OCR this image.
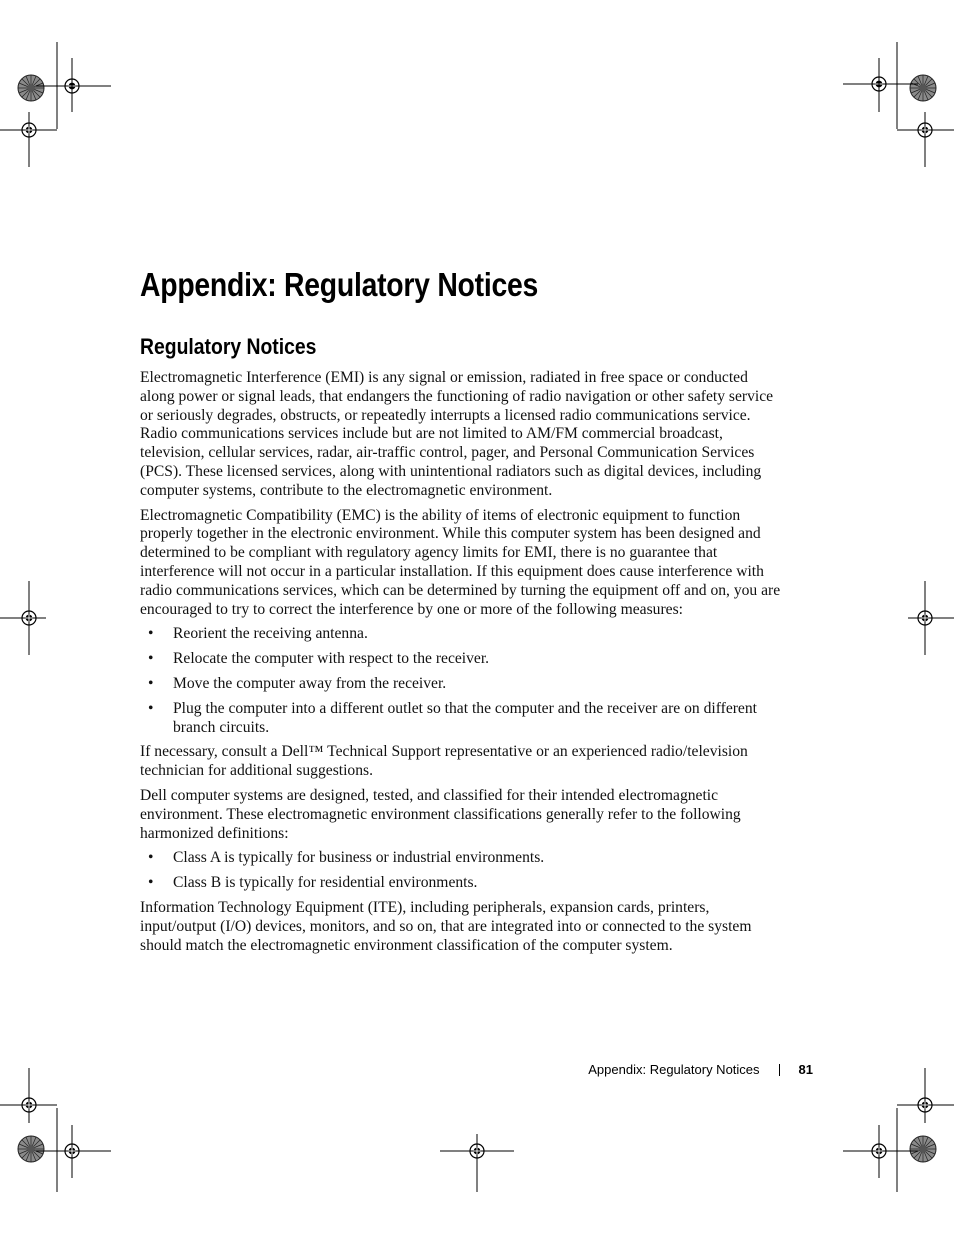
Appendix: Regulatory Notices
Regulatory Notices

Electromagnetic Interference (EMI) is any signal or emission, radiated in free space or conducted along power or signal leads, that endangers the functioning of radio navigation or other safety service or seriously degrades, obstructs, or repeatedly interrupts a licensed radio communications service. Radio communications services include but are not limited to AM/FM commercial broadcast, television, cellular services, radar, air-traffic control, pager, and Personal Communication Services (PCS). These licensed services, along with unintentional radiators such as digital devices, including computer systems, contribute to the electromagnetic environment.

Electromagnetic Compatibility (EMC) is the ability of items of electronic equipment to function properly together in the electronic environment. While this computer system has been designed and determined to be compliant with regulatory agency limits for EMI, there is no guarantee that interference will not occur in a particular installation. If this equipment does cause interference with radio communications services, which can be determined by turning the equipment off and on, you are encouraged to try to correct the interference by one or more of the following measures:

• Reorient the receiving antenna.
• Relocate the computer with respect to the receiver.
• Move the computer away from the receiver.
• Plug the computer into a different outlet so that the computer and the receiver are on different branch circuits.

If necessary, consult a Dell™ Technical Support representative or an experienced radio/television technician for additional suggestions.

Dell computer systems are designed, tested, and classified for their intended electromagnetic environment. These electromagnetic environment classifications generally refer to the following harmonized definitions:

• Class A is typically for business or industrial environments.
• Class B is typically for residential environments.

Information Technology Equipment (ITE), including peripherals, expansion cards, printers, input/output (I/O) devices, monitors, and so on, that are integrated into or connected to the system should match the electromagnetic environment classification of the computer system.

Appendix: Regulatory Notices	81
